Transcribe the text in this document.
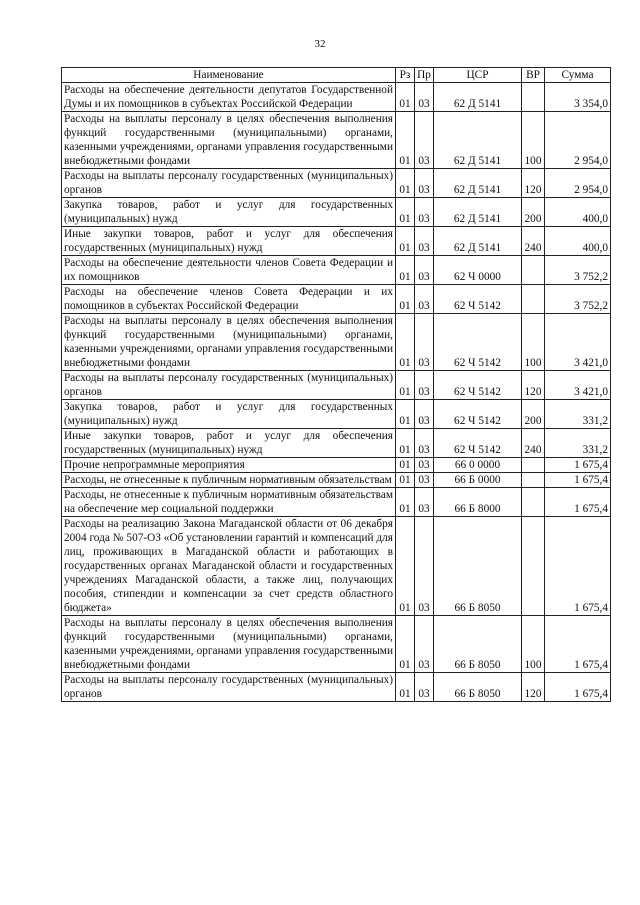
32
Наименование	Рз	Пр	ЦСР	ВР	Сумма
Расходы на обеспечение деятельности депутатов Государственной Думы и их помощников в субъектах Российской Федерации	01	03	62 Д 5141		3 354,0
Расходы на выплаты персоналу в целях обеспечения выполнения функций государственными (муниципальными) органами, казенными учреждениями, органами управления государственными внебюджетными фондами	01	03	62 Д 5141	100	2 954,0
Расходы на выплаты персоналу государственных (муниципальных) органов	01	03	62 Д 5141	120	2 954,0
Закупка товаров, работ и услуг для государственных (муниципальных) нужд	01	03	62 Д 5141	200	400,0
Иные закупки товаров, работ и услуг для обеспечения государственных (муниципальных) нужд	01	03	62 Д 5141	240	400,0
Расходы на обеспечение деятельности членов Совета Федерации и их помощников	01	03	62 Ч 0000		3 752,2
Расходы на обеспечение членов Совета Федерации и их помощников в субъектах Российской Федерации	01	03	62 Ч 5142		3 752,2
Расходы на выплаты персоналу в целях обеспечения выполнения функций государственными (муниципальными) органами, казенными учреждениями, органами управления государственными внебюджетными фондами	01	03	62 Ч 5142	100	3 421,0
Расходы на выплаты персоналу государственных (муниципальных) органов	01	03	62 Ч 5142	120	3 421,0
Закупка товаров, работ и услуг для государственных (муниципальных) нужд	01	03	62 Ч 5142	200	331,2
Иные закупки товаров, работ и услуг для обеспечения государственных (муниципальных) нужд	01	03	62 Ч 5142	240	331,2
Прочие непрограммные мероприятия	01	03	66 0 0000		1 675,4
Расходы, не отнесенные к публичным нормативным обязательствам	01	03	66 Б 0000		1 675,4
Расходы, не отнесенные к публичным нормативным обязательствам на обеспечение мер социальной поддержки	01	03	66 Б 8000		1 675,4
Расходы на реализацию Закона Магаданской области от 06 декабря 2004 года № 507-ОЗ «Об установлении гарантий и компенсаций для лиц, проживающих в Магаданской области и работающих в государственных органах Магаданской области и государственных учреждениях Магаданской области, а также лиц, получающих пособия, стипендии и компенсации за счет средств областного бюджета»	01	03	66 Б 8050		1 675,4
Расходы на выплаты персоналу в целях обеспечения выполнения функций государственными (муниципальными) органами, казенными учреждениями, органами управления государственными внебюджетными фондами	01	03	66 Б 8050	100	1 675,4
Расходы на выплаты персоналу государственных (муниципальных) органов	01	03	66 Б 8050	120	1 675,4
